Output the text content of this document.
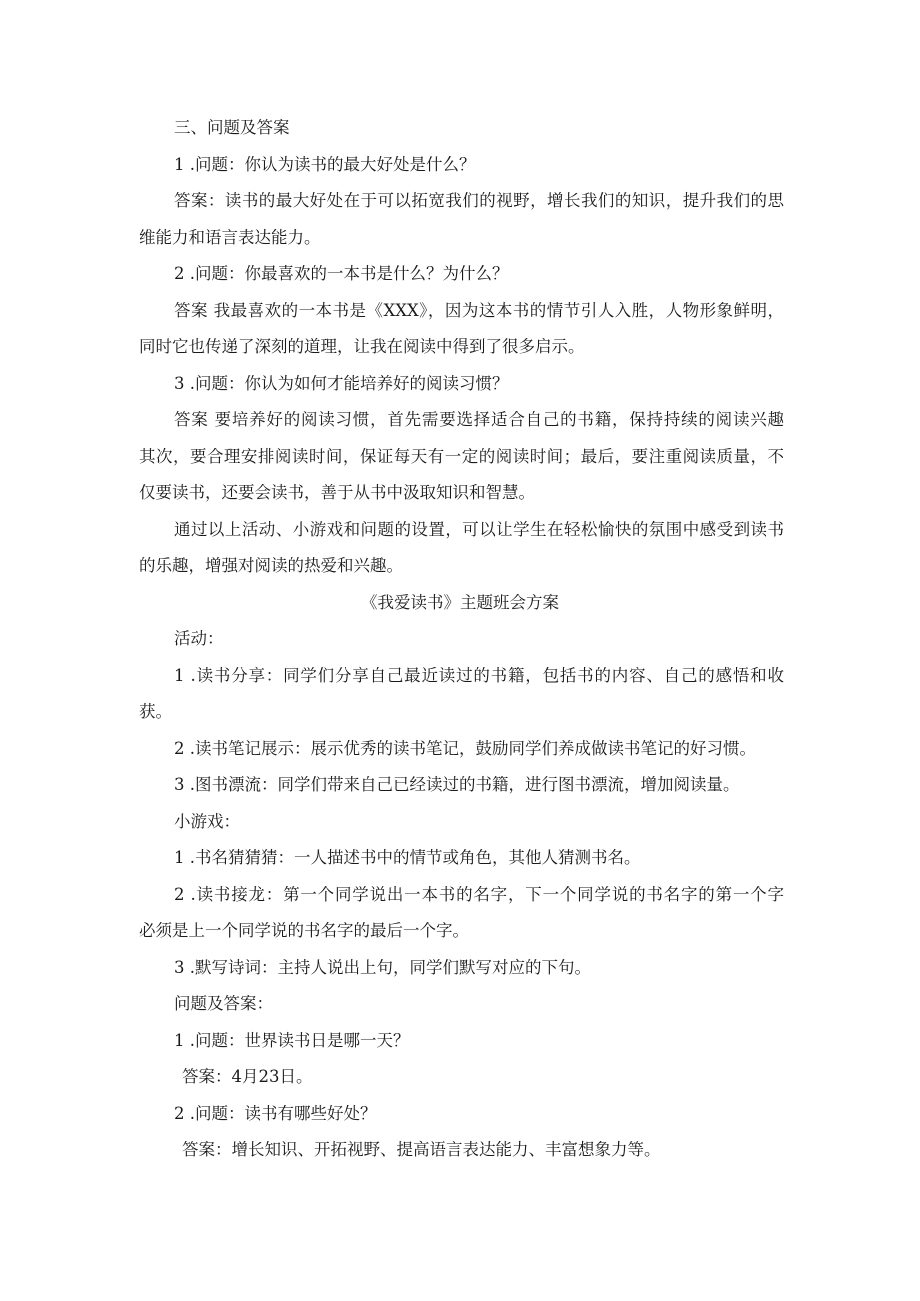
三、问题及答案
1 .问题：你认为读书的最大好处是什么？
答案：读书的最大好处在于可以拓宽我们的视野，增长我们的知识，提升我们的思
维能力和语言表达能力。
2 .问题：你最喜欢的一本书是什么？为什么？
答案 我最喜欢的一本书是《XXX》，因为这本书的情节引人入胜，人物形象鲜明，
同时它也传递了深刻的道理，让我在阅读中得到了很多启示。
3 .问题：你认为如何才能培养好的阅读习惯？
答案 要培养好的阅读习惯，首先需要选择适合自己的书籍，保持持续的阅读兴趣
其次，要合理安排阅读时间，保证每天有一定的阅读时间；最后，要注重阅读质量，不
仅要读书，还要会读书，善于从书中汲取知识和智慧。
通过以上活动、小游戏和问题的设置，可以让学生在轻松愉快的氛围中感受到读书
的乐趣，增强对阅读的热爱和兴趣。
《我爱读书》主题班会方案
活动：
1 .读书分享：同学们分享自己最近读过的书籍，包括书的内容、自己的感悟和收
获。
2 .读书笔记展示：展示优秀的读书笔记，鼓励同学们养成做读书笔记的好习惯。
3 .图书漂流：同学们带来自己已经读过的书籍，进行图书漂流，增加阅读量。
小游戏：
1 .书名猜猜猜：一人描述书中的情节或角色，其他人猜测书名。
2 .读书接龙：第一个同学说出一本书的名字，下一个同学说的书名字的第一个字
必须是上一个同学说的书名字的最后一个字。
3 .默写诗词：主持人说出上句，同学们默写对应的下句。
问题及答案：
1 .问题：世界读书日是哪一天？
答案：4月23日。
2 .问题：读书有哪些好处？
答案：增长知识、开拓视野、提高语言表达能力、丰富想象力等。
